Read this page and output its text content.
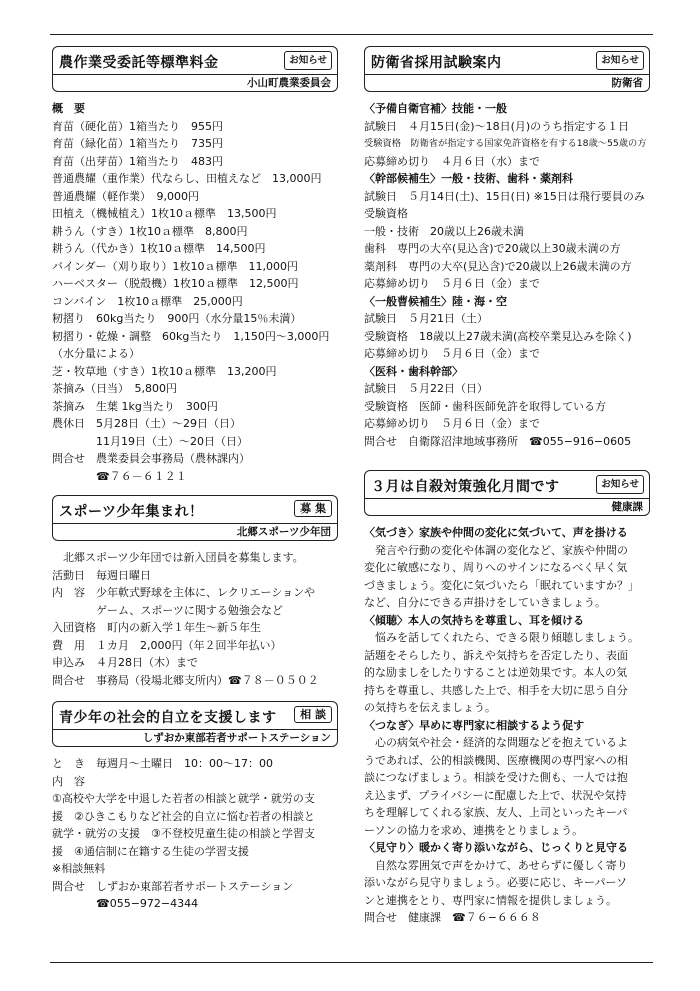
農作業受委託等標準料金	お知らせ
小山町農業委員会
概　要
育苗（硬化苗）1箱当たり　955円
育苗（緑化苗）1箱当たり　735円
育苗（出芽苗）1箱当たり　483円
普通農耀（重作業）代ならし、田植えなど　13,000円
普通農耀（軽作業）　9,000円
田植え（機械植え）1枚10ａ標準　13,500円
耕うん（すき）1枚10ａ標準　8,800円
耕うん（代かき）1枚10ａ標準　14,500円
バインダー（刈り取り）1枚10ａ標準　11,000円
ハーベスター（脱殻機）1枚10ａ標準　12,500円
コンバイン　1枚10ａ標準　25,000円
籾摺り　60kg当たり　900円（水分量15％未満）
籾摺り・乾燥・調整　60kg当たり　1,150円〜3,000円
（水分量による）
芝・牧草地（すき）1枚10ａ標準　13,200円
茶摘み（日当）　5,800円
茶摘み　生葉 1kg当たり　300円
農休日　5月28日（土）〜29日（日）
　　　　11月19日（土）〜20日（日）
問合せ　農業委員会事務局（農林課内）
　　　　☎７６－６１２１
スポーツ少年集まれ！	募 集
北郷スポーツ少年団
　北郷スポーツ少年団では新入団員を募集します。
活動日　毎週日曜日
内　容　少年軟式野球を主体に、レクリエーションや
　　　　ゲーム、スポーツに関する勉強会など
入団資格　町内の新入学１年生〜新５年生
費　用　１カ月　2,000円（年２回半年払い）
申込み　４月28日（木）まで
問合せ　事務局（役場北郷支所内）☎７８－０５０２
青少年の社会的自立を支援します	相 談
しずおか東部若者サポートステーション
と　き　毎週月〜土曜日　10：00〜17：00
内　容
①高校や大学を中退した若者の相談と就学・就労の支
援　②ひきこもりなど社会的自立に悩む若者の相談と
就学・就労の支援　③不登校児童生徒の相談と学習支
援　④通信制に在籍する生徒の学習支援
※相談無料
問合せ　しずおか東部若者サポートステーション
　　　　☎055−972−4344
防衛省採用試験案内	お知らせ
防衛省
〈予備自衛官補〉技能・一般
試験日　４月15日(金)〜18日(月)のうち指定する１日
受験資格　防衛省が指定する国家免許資格を有する18歳〜55歳の方
応募締め切り　４月６日（水）まで
〈幹部候補生〉一般・技術、歯科・薬剤科
試験日　５月14日(土)、15日(日) ※15日は飛行要員のみ
受験資格
一般・技術　20歳以上26歳未満
歯科　専門の大卒(見込含)で20歳以上30歳未満の方
薬剤科　専門の大卒(見込含)で20歳以上26歳未満の方
応募締め切り　５月６日（金）まで
〈一般曹候補生〉陸・海・空
試験日　５月21日（土）
受験資格　18歳以上27歳未満(高校卒業見込みを除く)
応募締め切り　５月６日（金）まで
〈医科・歯科幹部〉
試験日　５月22日（日）
受験資格　医師・歯科医師免許を取得している方
応募締め切り　５月６日（金）まで
問合せ　自衛隊沼津地域事務所　☎055−916−0605
３月は自殺対策強化月間です	お知らせ
健康課
〈気づき〉家族や仲間の変化に気づいて、声を掛ける
　発言や行動の変化や体調の変化など、家族や仲間の
変化に敏感になり、周りへのサインになるべく早く気
づきましょう。変化に気づいたら「眠れていますか？」
など、自分にできる声掛けをしていきましょう。
〈傾聴〉本人の気持ちを尊重し、耳を傾ける
　悩みを話してくれたら、できる限り傾聴しましょう。
話題をそらしたり、訴えや気持ちを否定したり、表面
的な励ましをしたりすることは逆効果です。本人の気
持ちを尊重し、共感した上で、相手を大切に思う自分
の気持ちを伝えましょう。
〈つなぎ〉早めに専門家に相談するよう促す
　心の病気や社会・経済的な問題などを抱えているよ
うであれば、公的相談機関、医療機関の専門家への相
談につなげましょう。相談を受けた側も、一人では抱
え込まず、プライバシーに配慮した上で、状況や気持
ちを理解してくれる家族、友人、上司といったキーパ
ーソンの協力を求め、連携をとりましょう。
〈見守り〉暖かく寄り添いながら、じっくりと見守る
　自然な雰囲気で声をかけて、あせらずに優しく寄り
添いながら見守りましょう。必要に応じ、キーパーソ
ンと連携をとり、専門家に情報を提供しましょう。
問合せ　健康課　☎７６−６６６８
